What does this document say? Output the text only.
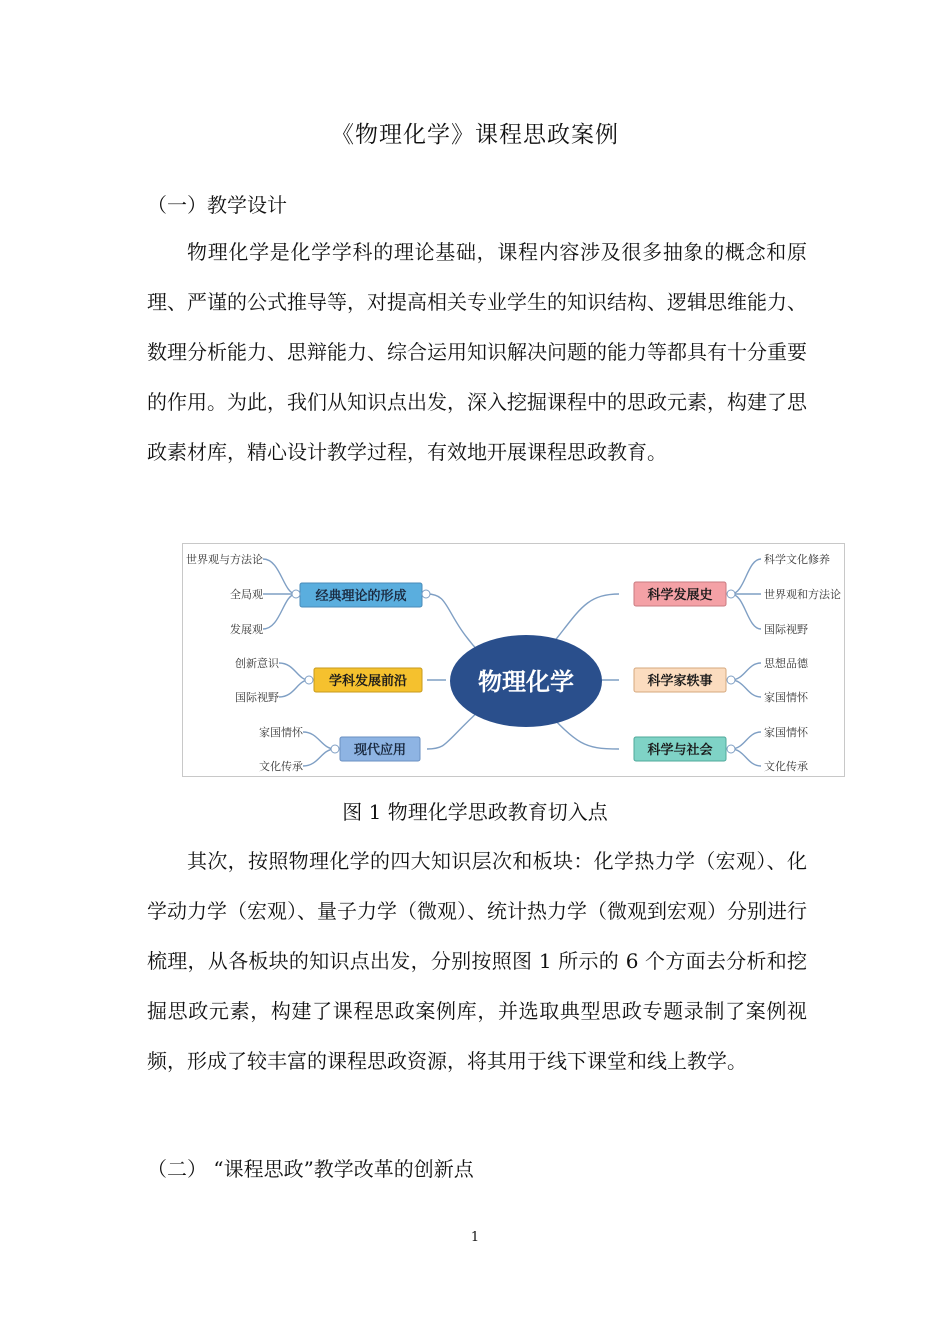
《物理化学》课程思政案例
（一）教学设计

物理化学是化学学科的理论基础，课程内容涉及很多抽象的概念和原理、严谨的公式推导等，对提高相关专业学生的知识结构、逻辑思维能力、数理分析能力、思辩能力、综合运用知识解决问题的能力等都具有十分重要的作用。为此，我们从知识点出发，深入挖掘课程中的思政元素，构建了思政素材库，精心设计教学过程，有效地开展课程思政教育。

物理化学
经典理论的形成
学科发展前沿
现代应用
科学发展史
科学家轶事
科学与社会
世界观与方法论
全局观
发展观
创新意识
国际视野
家国情怀
文化传承
科学文化修养
世界观和方法论
国际视野
思想品德
家国情怀
家国情怀
文化传承
图 1 物理化学思政教育切入点

其次，按照物理化学的四大知识层次和板块：化学热力学（宏观）、化学动力学（宏观）、量子力学（微观）、统计热力学（微观到宏观）分别进行梳理，从各板块的知识点出发，分别按照图 1 所示的 6 个方面去分析和挖掘思政元素，构建了课程思政案例库，并选取典型思政专题录制了案例视频，形成了较丰富的课程思政资源，将其用于线下课堂和线上教学。

（二） “课程思政”教学改革的创新点
1
